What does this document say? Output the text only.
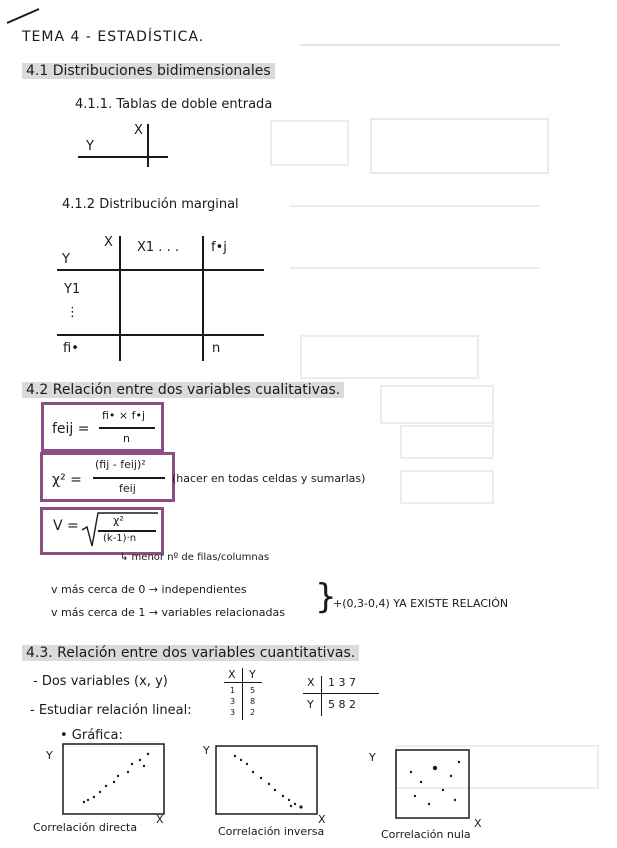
TEMA 4 - ESTADÍSTICA.
4.1 Distribuciones bidimensionales
4.1.1. Tablas de doble entrada
X
Y
4.1.2 Distribución marginal
X X1 . . . f•j
Y
Y1
⋮
fi•	n
4.2 Relación entre dos variables cualitativas.
feij =
fi• × f•j
n
χ² =
(fij - feij)²
feij
(hacer en todas celdas y sumarlas)
V =	χ²
(k-1)·n
↳ menor nº de filas/columnas
v más cerca de 0 → independientes
v más cerca de 1 → variables relacionadas }
+(0,3-0,4) YA EXISTE RELACIÓN
4.3. Relación entre dos variables cuantitativas.
- Dos variables (x, y)
- Estudiar relación lineal:
• Gráfica:
X Y
1 5
3 8
3 2
X 1 3 7
Y 5 8 2
Y
X
Correlación directa
Y
X
Correlación inversa
Y
X
Correlación nula
